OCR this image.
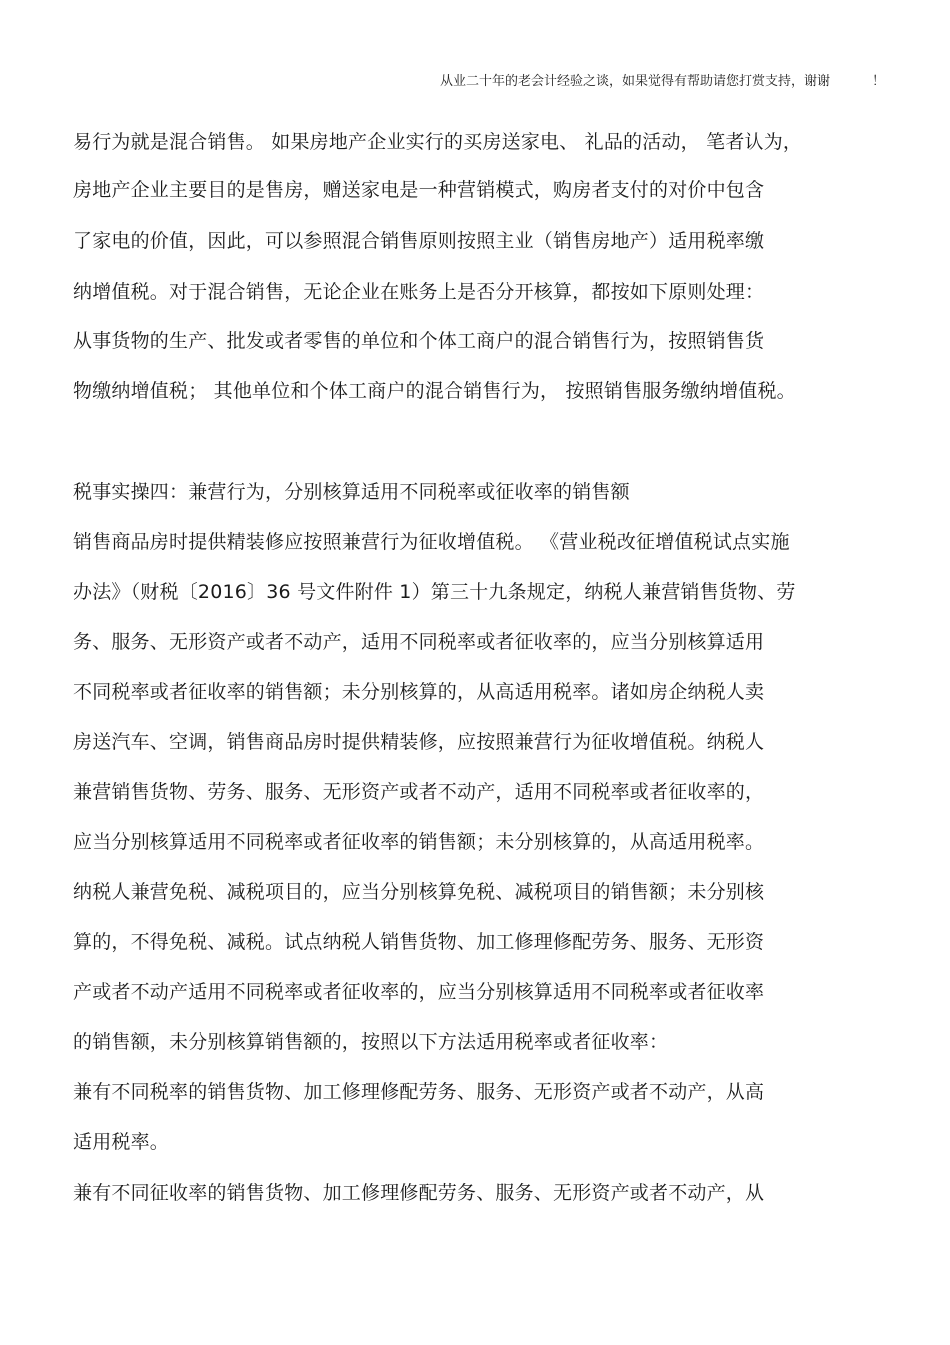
从业二十年的老会计经验之谈，如果觉得有帮助请您打赏支持，谢谢	！
易行为就是混合销售。 如果房地产企业实行的买房送家电、 礼品的活动， 笔者认为，
房地产企业主要目的是售房，赠送家电是一种营销模式，购房者支付的对价中包含
了家电的价值，因此，可以参照混合销售原则按照主业（销售房地产）适用税率缴
纳增值税。对于混合销售，无论企业在账务上是否分开核算，都按如下原则处理：
从事货物的生产、批发或者零售的单位和个体工商户的混合销售行为，按照销售货
物缴纳增值税； 其他单位和个体工商户的混合销售行为， 按照销售服务缴纳增值税。
税事实操四：兼营行为，分别核算适用不同税率或征收率的销售额
销售商品房时提供精装修应按照兼营行为征收增值税。 《营业税改征增值税试点实施
办法》（财税〔2016〕36 号文件附件 1）第三十九条规定，纳税人兼营销售货物、劳
务、服务、无形资产或者不动产，适用不同税率或者征收率的，应当分别核算适用
不同税率或者征收率的销售额；未分别核算的，从高适用税率。诸如房企纳税人卖
房送汽车、空调，销售商品房时提供精装修，应按照兼营行为征收增值税。纳税人
兼营销售货物、劳务、服务、无形资产或者不动产，适用不同税率或者征收率的，
应当分别核算适用不同税率或者征收率的销售额；未分别核算的，从高适用税率。
纳税人兼营免税、减税项目的，应当分别核算免税、减税项目的销售额；未分别核
算的，不得免税、减税。试点纳税人销售货物、加工修理修配劳务、服务、无形资
产或者不动产适用不同税率或者征收率的，应当分别核算适用不同税率或者征收率
的销售额，未分别核算销售额的，按照以下方法适用税率或者征收率：
兼有不同税率的销售货物、加工修理修配劳务、服务、无形资产或者不动产，从高
适用税率。
兼有不同征收率的销售货物、加工修理修配劳务、服务、无形资产或者不动产，从
